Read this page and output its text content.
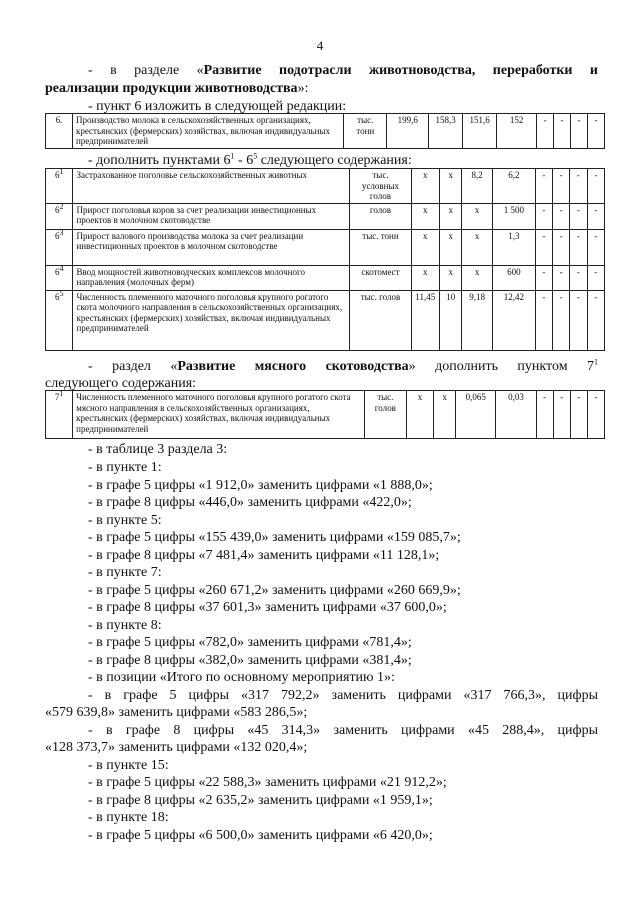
4
- в разделе «Развитие подотрасли животноводства, переработки и
реализации продукции животноводства»:
- пункт 6 изложить в следующей редакции:
6.	Производство молока в сельскохозяйственных организациях, крестьянских (фермерских) хозяйствах, включая индивидуальных предпринимателей	тыс. тонн	199,6	158,3	151,6	152	-	-	-	-
- дополнить пунктами $6^1 - 6^5$ следующего содержания:
$6^1$	Застрахованное поголовье сельскохозяйственных животных	тыс. условных голов	х	х	8,2	6,2	-	-	-	-
$6^2$	Прирост поголовья коров за счет реализации инвестиционных проектов в молочном скотоводстве	голов	х	х	х	1 500	-	-	-	-
$6^3$	Прирост валового производства молока за счет реализации инвестиционных проектов в молочном скотоводстве	тыс. тонн	х	х	х	1,3	-	-	-	-
$6^4$	Ввод мощностей животноводческих комплексов молочного направления (молочных ферм)	скотомест	х	х	х	600	-	-	-	-
$6^5$	Численность племенного маточного поголовья крупного рогатого скота молочного направления в сельскохозяйственных организациях, крестьянских (фермерских) хозяйствах, включая индивидуальных предпринимателей	тыс. голов	11,45	10	9,18	12,42	-	-	-	-
- раздел «Развитие мясного скотоводства» дополнить пунктом $7^1$
следующего содержания:
$7^1$	Численность племенного маточного поголовья крупного рогатого скота мясного направления в сельскохозяйственных организациях, крестьянских (фермерских) хозяйствах, включая индивидуальных предпринимателей	тыс. голов	х	х	0,065	0,03	-	-	-	-
- в таблице 3 раздела 3:
- в пункте 1:
- в графе 5 цифры «1 912,0» заменить цифрами «1 888,0»;
- в графе 8 цифры «446,0» заменить цифрами «422,0»;
- в пункте 5:
- в графе 5 цифры «155 439,0» заменить цифрами «159 085,7»;
- в графе 8 цифры «7 481,4» заменить цифрами «11 128,1»;
- в пункте 7:
- в графе 5 цифры «260 671,2» заменить цифрами «260 669,9»;
- в графе 8 цифры «37 601,3» заменить цифрами «37 600,0»;
- в пункте 8:
- в графе 5 цифры «782,0» заменить цифрами «781,4»;
- в графе 8 цифры «382,0» заменить цифрами «381,4»;
- в позиции «Итого по основному мероприятию 1»:
- в графе 5 цифры «317 792,2» заменить цифрами «317 766,3», цифры
«579 639,8» заменить цифрами «583 286,5»;
- в графе 8 цифры «45 314,3» заменить цифрами «45 288,4», цифры
«128 373,7» заменить цифрами «132 020,4»;
- в пункте 15:
- в графе 5 цифры «22 588,3» заменить цифрами «21 912,2»;
- в графе 8 цифры «2 635,2» заменить цифрами «1 959,1»;
- в пункте 18:
- в графе 5 цифры «6 500,0» заменить цифрами «6 420,0»;
